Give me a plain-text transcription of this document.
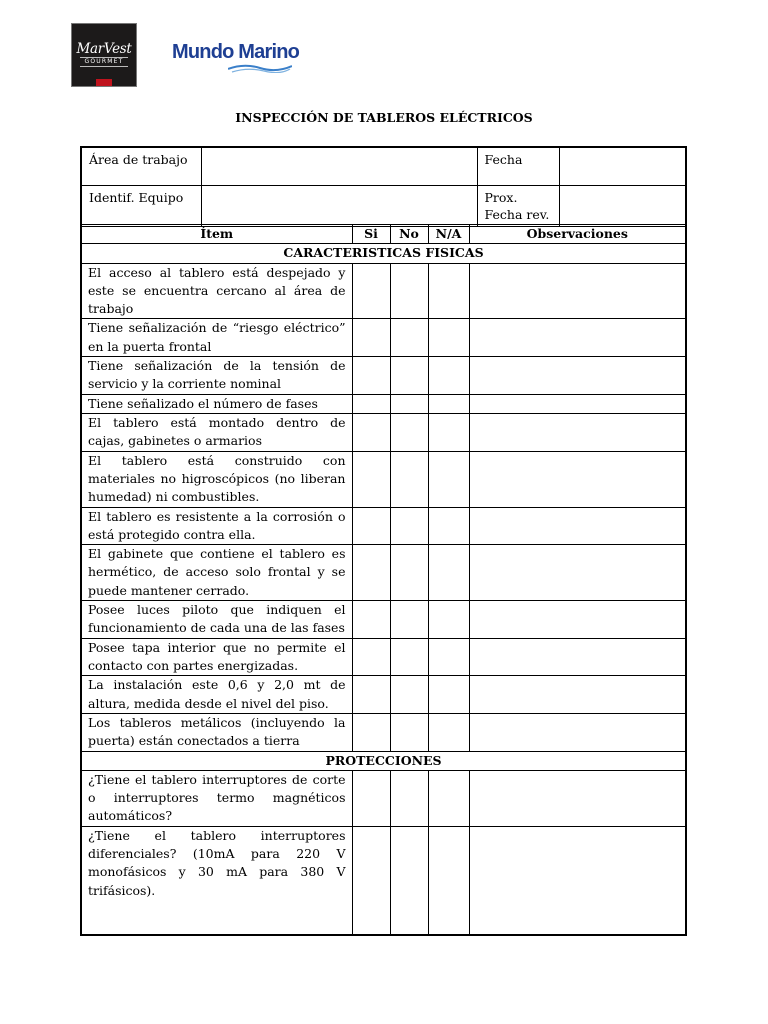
MarVest
GOURMET Mundo Marino
INSPECCIÓN DE TABLEROS ELÉCTRICOS
Área de trabajo		Fecha	
Identif. Equipo		Prox.
Fecha rev.	
Ítem	Si	No	N/A	Observaciones
CARACTERISTICAS FISICAS				
El acceso al tablero está despejado y este se encuentra cercano al área de trabajo				
Tiene señalización de “riesgo eléctrico” en la puerta frontal				
Tiene señalización de la tensión de servicio y la corriente nominal				
Tiene señalizado el número de fases				
El tablero está montado dentro de cajas, gabinetes o armarios				
El tablero está construido con materiales no higroscópicos (no liberan humedad) ni combustibles.				
El tablero es resistente a la corrosión o está protegido contra ella.				
El gabinete que contiene el tablero es hermético, de acceso solo frontal y se puede mantener cerrado.				
Posee luces piloto que indiquen el funcionamiento de cada una de las fases				
Posee tapa interior que no permite el contacto con partes energizadas.				
La instalación este 0,6 y 2,0 mt de altura, medida desde el nivel del piso.				
Los tableros metálicos (incluyendo la puerta) están conectados a tierra				
PROTECCIONES				
¿Tiene el tablero interruptores de corte o interruptores termo magnéticos automáticos?				
¿Tiene el tablero interruptores diferenciales? (10mA para 220 V monofásicos y 30 mA para 380 V trifásicos).				
